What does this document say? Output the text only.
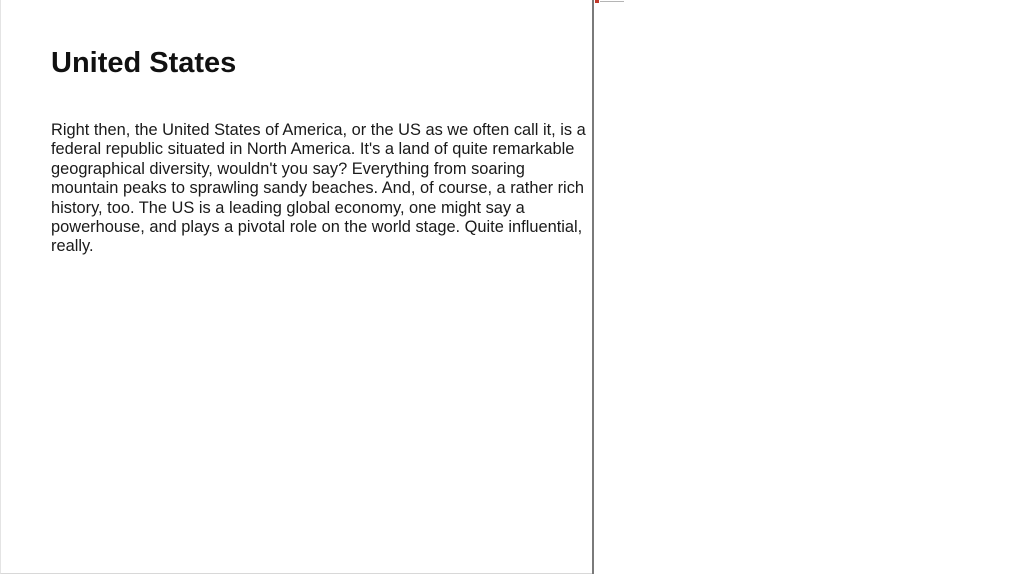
United States

Right then, the United States of America, or the US as we often call it, is a federal republic situated in North America. It's a land of quite remarkable geographical diversity, wouldn't you say? Everything from soaring mountain peaks to sprawling sandy beaches. And, of course, a rather rich history, too. The US is a leading global economy, one might say a powerhouse, and plays a pivotal role on the world stage. Quite influential, really.
